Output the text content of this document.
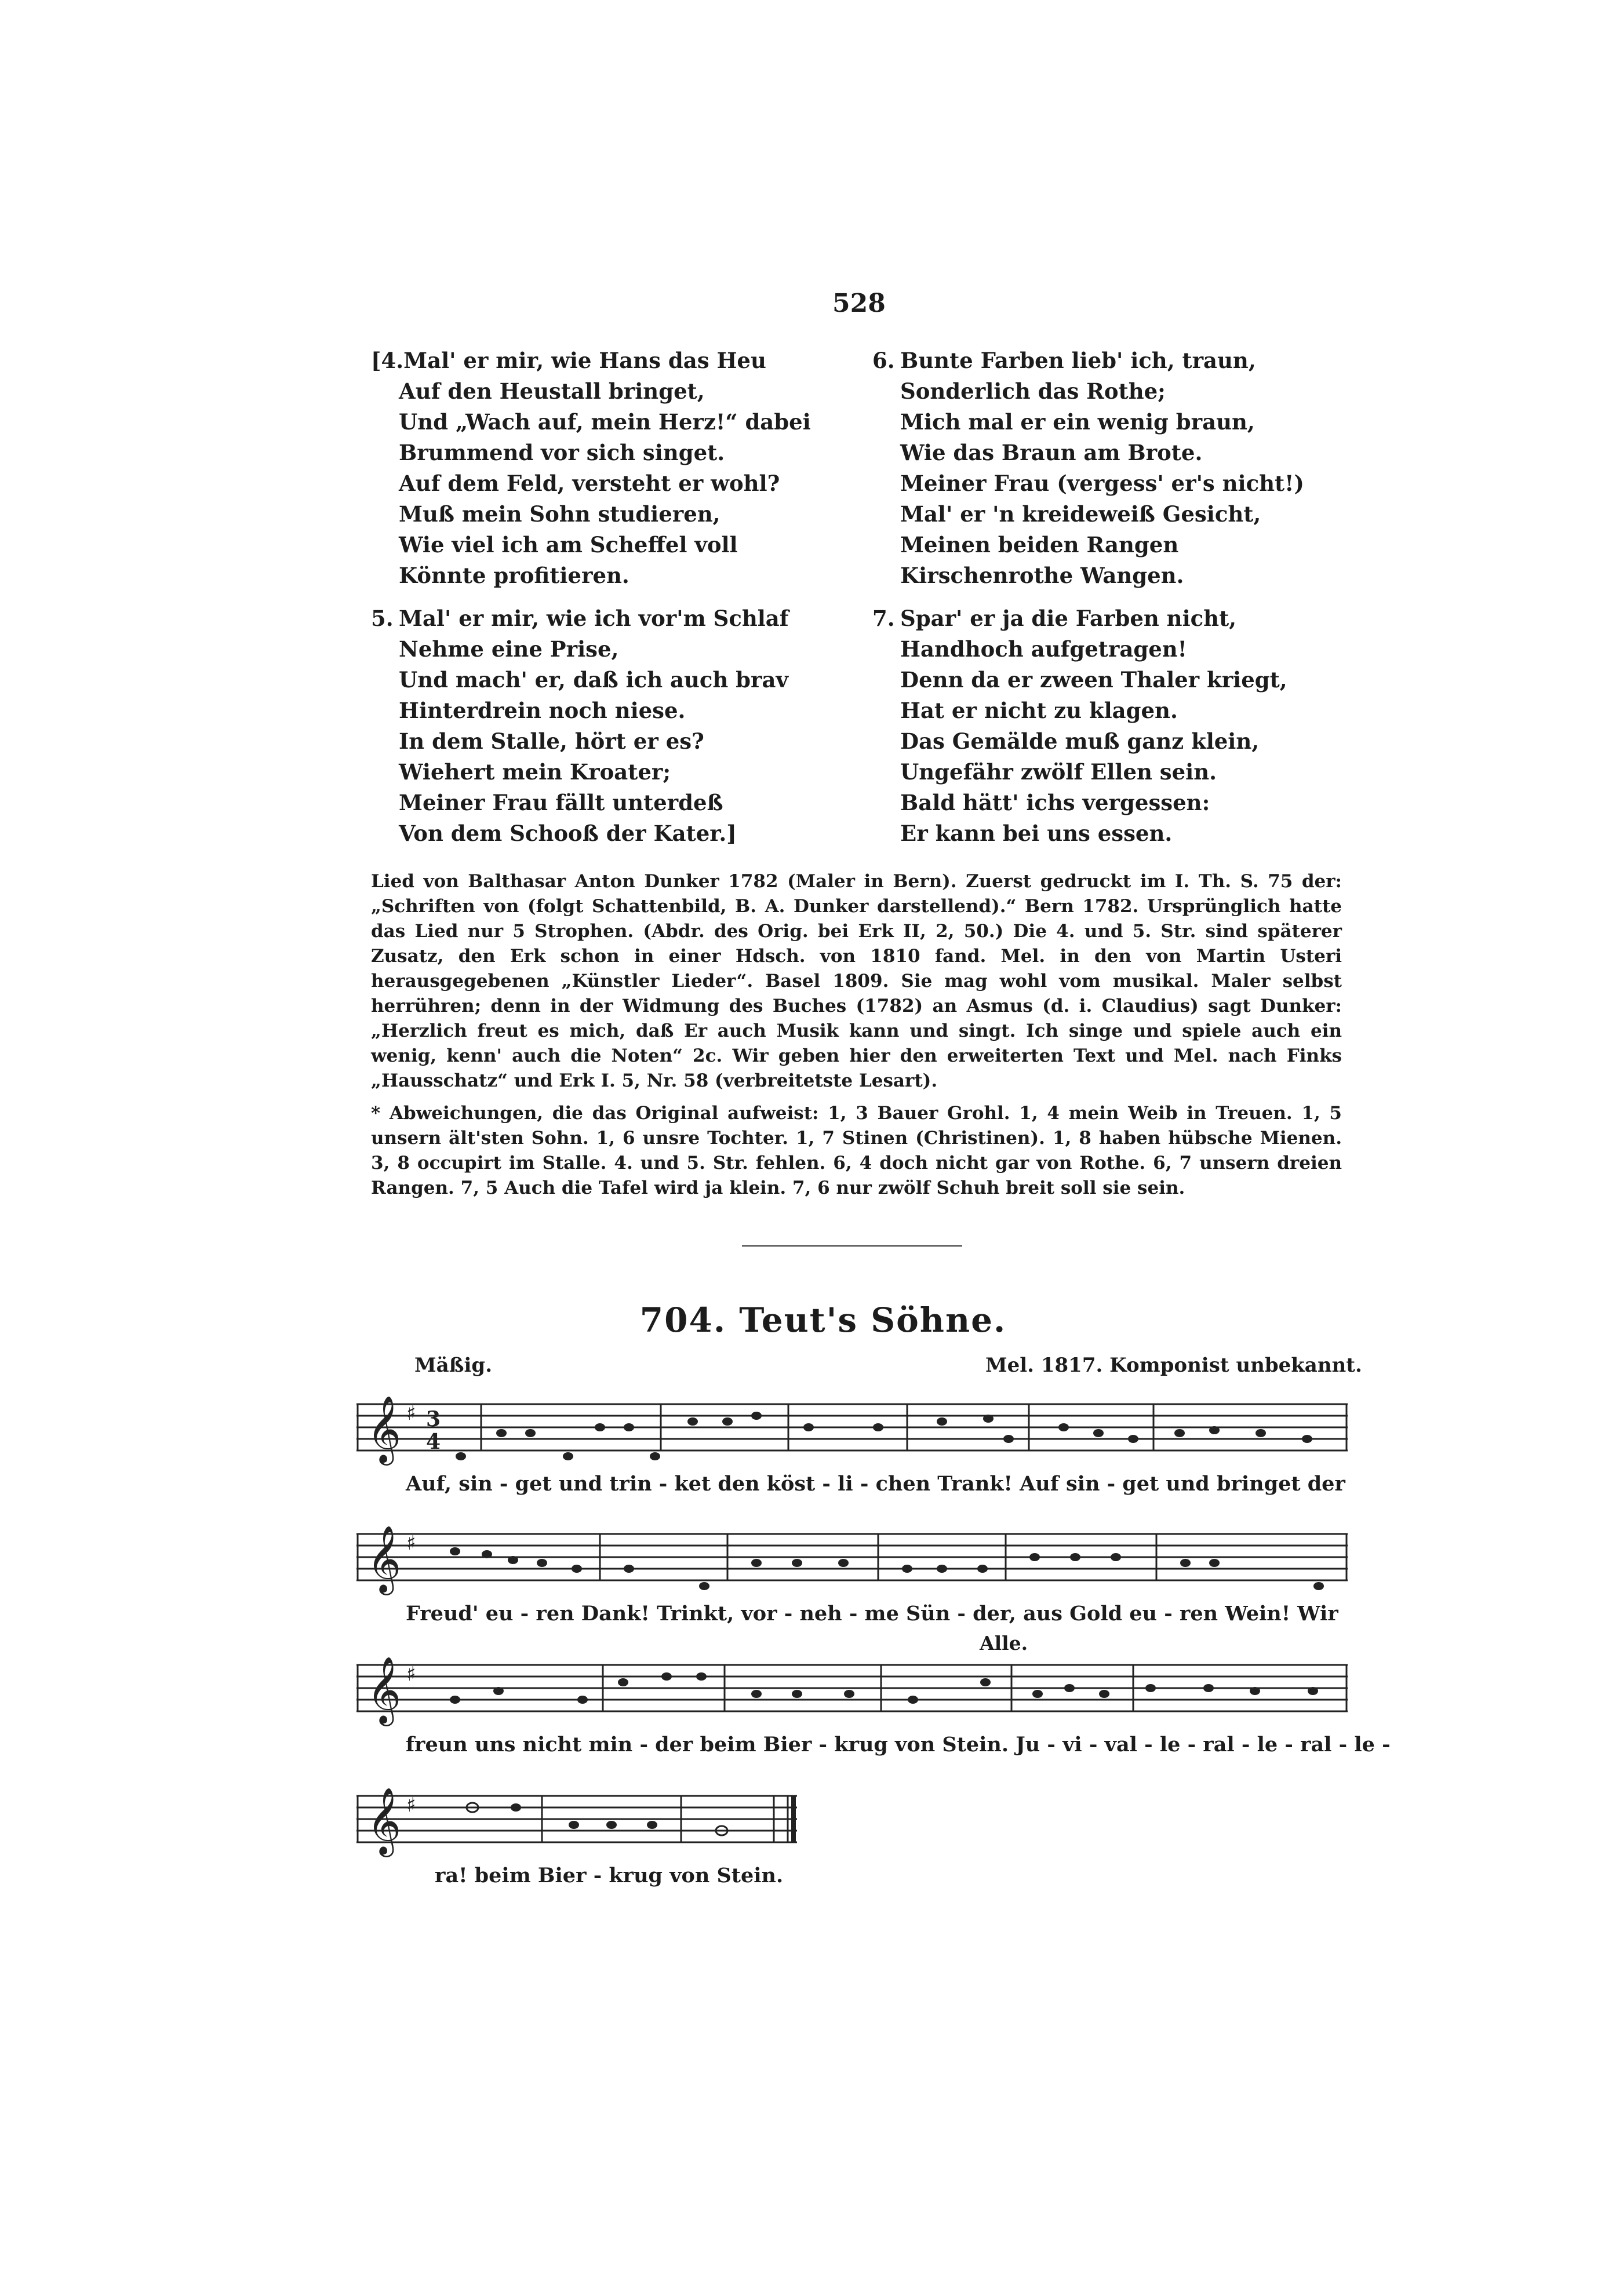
528
[4.Mal' er mir, wie Hans das Heu
Auf den Heustall bringet,
Und „Wach auf, mein Herz!“ dabei
Brummend vor sich singet.
Auf dem Feld, versteht er wohl?
Muß mein Sohn studieren,
Wie viel ich am Scheffel voll
Könnte profitieren.
5. Mal' er mir, wie ich vor'm Schlaf
Nehme eine Prise,
Und mach' er, daß ich auch brav
Hinterdrein noch niese.
In dem Stalle, hört er es?
Wiehert mein Kroater;
Meiner Frau fällt unterdeß
Von dem Schooß der Kater.]
6. Bunte Farben lieb' ich, traun,
Sonderlich das Rothe;
Mich mal er ein wenig braun,
Wie das Braun am Brote.
Meiner Frau (vergess' er's nicht!)
Mal' er 'n kreideweiß Gesicht,
Meinen beiden Rangen
Kirschenrothe Wangen.
7. Spar' er ja die Farben nicht,
Handhoch aufgetragen!
Denn da er zween Thaler kriegt,
Hat er nicht zu klagen.
Das Gemälde muß ganz klein,
Ungefähr zwölf Ellen sein.
Bald hätt' ichs vergessen:
Er kann bei uns essen.
Lied von Balthasar Anton Dunker 1782 (Maler in Bern). Zuerst gedruckt im I. Th. S. 75 der: „Schriften von (folgt Schattenbild, B. A. Dunker darstellend).“ Bern 1782. Ursprünglich hatte das Lied nur 5 Strophen. (Abdr. des Orig. bei Erk II, 2, 50.) Die 4. und 5. Str. sind späterer Zusatz, den Erk schon in einer Hdsch. von 1810 fand. Mel. in den von Martin Usteri herausgegebenen „Künstler Lieder“. Basel 1809. Sie mag wohl vom musikal. Maler selbst herrühren; denn in der Widmung des Buches (1782) an Asmus (d. i. Claudius) sagt Dunker: „Herzlich freut es mich, daß Er auch Musik kann und singt. Ich singe und spiele auch ein wenig, kenn' auch die Noten“ 2c. Wir geben hier den erweiterten Text und Mel. nach Finks „Hausschatz“ und Erk I. 5, Nr. 58 (verbreitetste Lesart).
* Abweichungen, die das Original aufweist: 1, 3 Bauer Grohl. 1, 4 mein Weib in Treuen. 1, 5 unsern ält'sten Sohn. 1, 6 unsre Tochter. 1, 7 Stinen (Christinen). 1, 8 haben hübsche Mienen. 3, 8 occupirt im Stalle. 4. und 5. Str. fehlen. 6, 4 doch nicht gar von Rothe. 6, 7 unsern dreien Rangen. 7, 5 Auch die Tafel wird ja klein. 7, 6 nur zwölf Schuh breit soll sie sein.
704. Teut's Söhne.
Mäßig.	Mel. 1817. Komponist unbekannt.
𝄞 ♯ 3
4
Auf, sin - get und trin - ket den köst - li - chen Trank! Auf sin - get und bringet der
𝄞 ♯
Freud' eu - ren Dank! Trinkt, vor - neh - me Sün - der, aus Gold eu - ren Wein! Wir
Alle.
𝄞 ♯
freun uns nicht min - der beim Bier - krug von Stein. Ju - vi - val - le - ral - le - ral - le -
𝄞 ♯
ra! beim Bier - krug von Stein.
